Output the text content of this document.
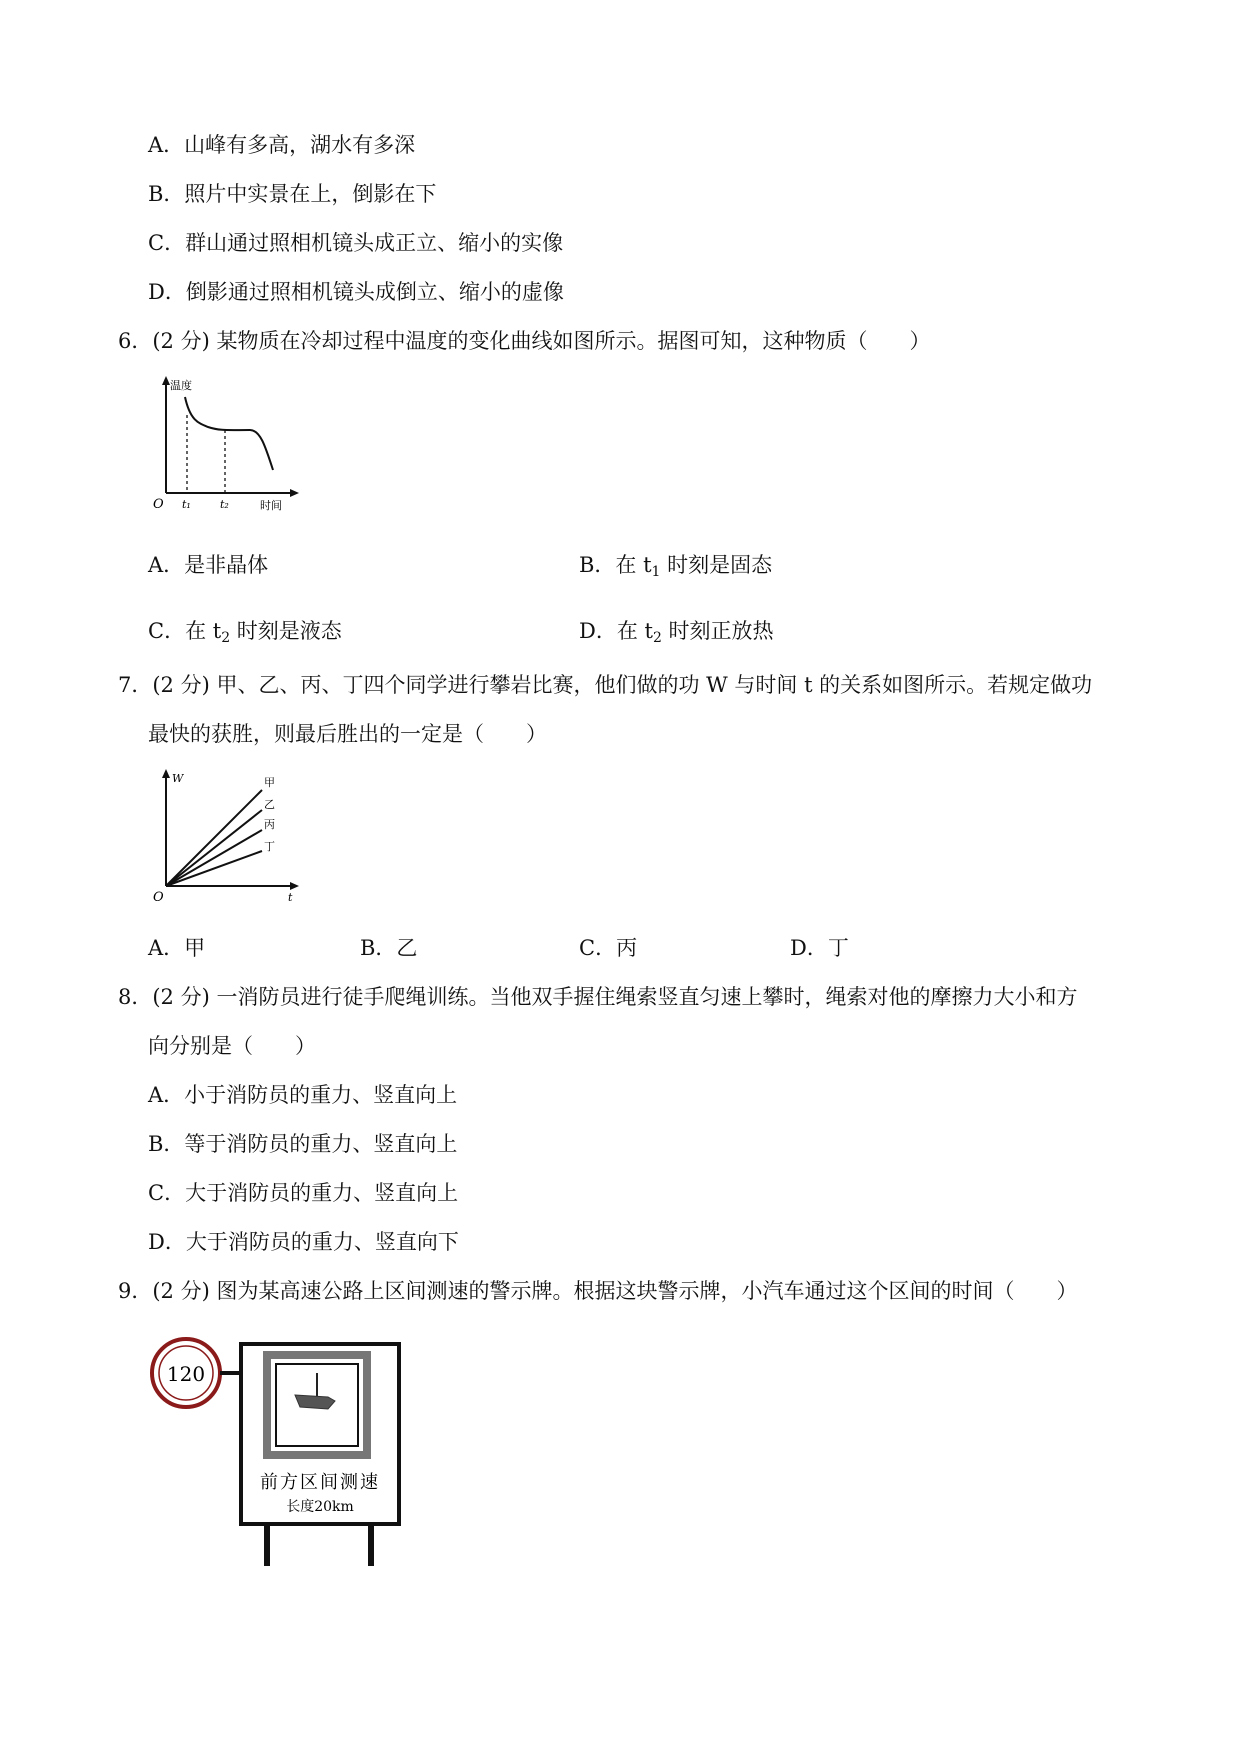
A．山峰有多高，湖水有多深
B．照片中实景在上，倒影在下
C．群山通过照相机镜头成正立、缩小的实像
D．倒影通过照相机镜头成倒立、缩小的虚像
6．(2 分) 某物质在冷却过程中温度的变化曲线如图所示。据图可知，这种物质（　　）
温度
O t₁	t₂	时间
A．是非晶体	B．在 $t_1$ 时刻是固态
C．在 $t_2$ 时刻是液态	D．在 $t_2$ 时刻正放热
7．(2 分) 甲、乙、丙、丁四个同学进行攀岩比赛，他们做的功 W 与时间 t 的关系如图所示。若规定做功
最快的获胜，则最后胜出的一定是（　　）
W
O	t
甲
乙
丙
丁
A．甲	B．乙	C．丙	D．丁
8．(2 分) 一消防员进行徒手爬绳训练。当他双手握住绳索竖直匀速上攀时，绳索对他的摩擦力大小和方
向分别是（　　）
A．小于消防员的重力、竖直向上
B．等于消防员的重力、竖直向上
C．大于消防员的重力、竖直向上
D．大于消防员的重力、竖直向下
9．(2 分) 图为某高速公路上区间测速的警示牌。根据这块警示牌，小汽车通过这个区间的时间（　　）
120
前方区间测速
长度20km
